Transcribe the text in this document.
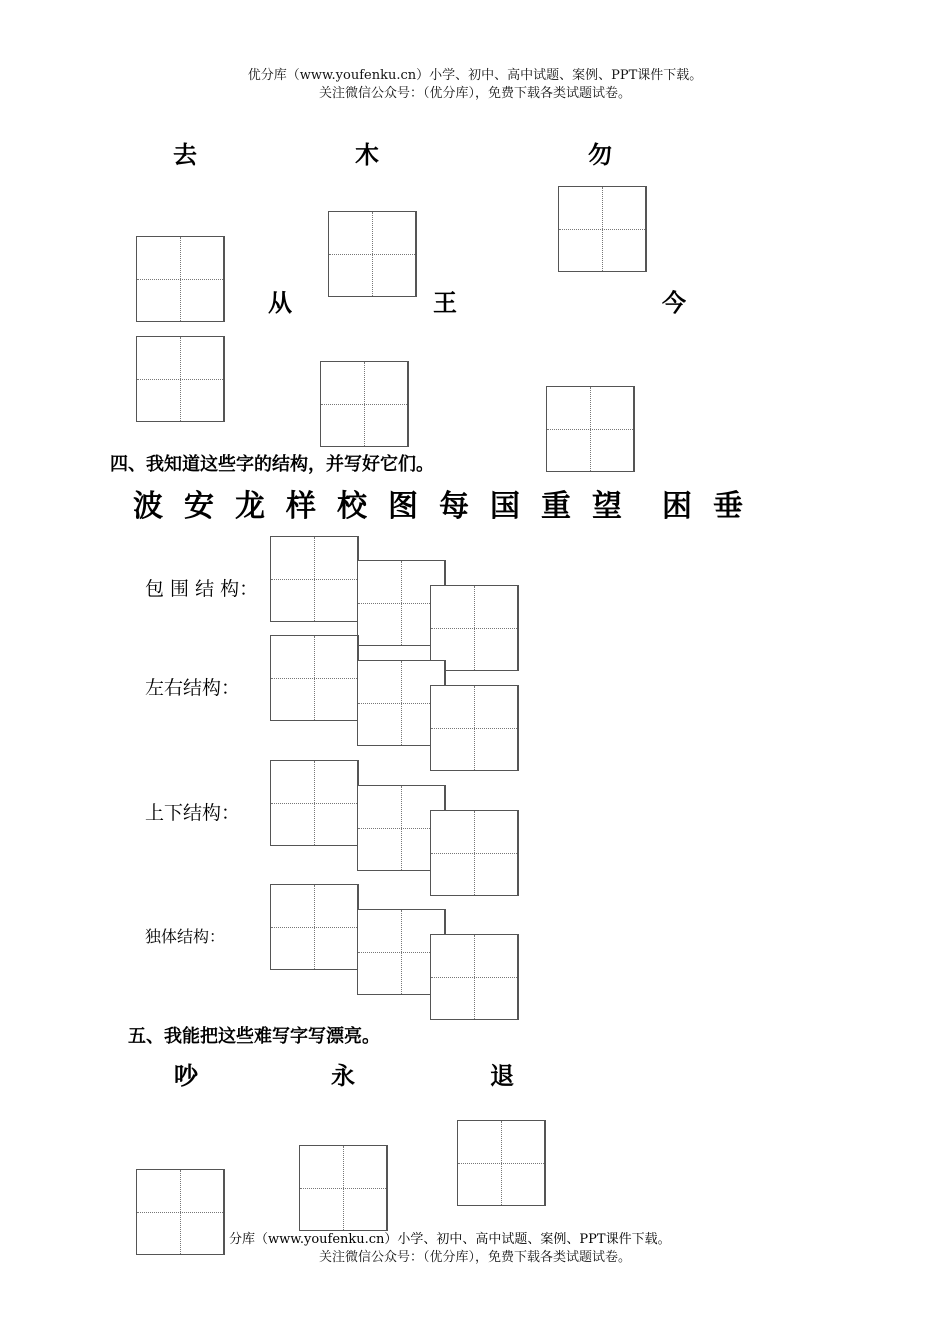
优分库（www.youfenku.cn）小学、初中、高中试题、案例、PPT课件下载。
关注微信公众号：（优分库），免费下载各类试题试卷。
去	木	勿
从	王	今
四、我知道这些字的结构，并写好它们。
波 安 龙 样 校 图 每 国 重 望 困 垂
包 围 结 构：
左右结构：
上下结构：
独体结构：
五、我能把这些难写字写漂亮。
吵	永	退
分库（www.youfenku.cn）小学、初中、高中试题、案例、PPT课件下载。
关注微信公众号：（优分库），免费下载各类试题试卷。
